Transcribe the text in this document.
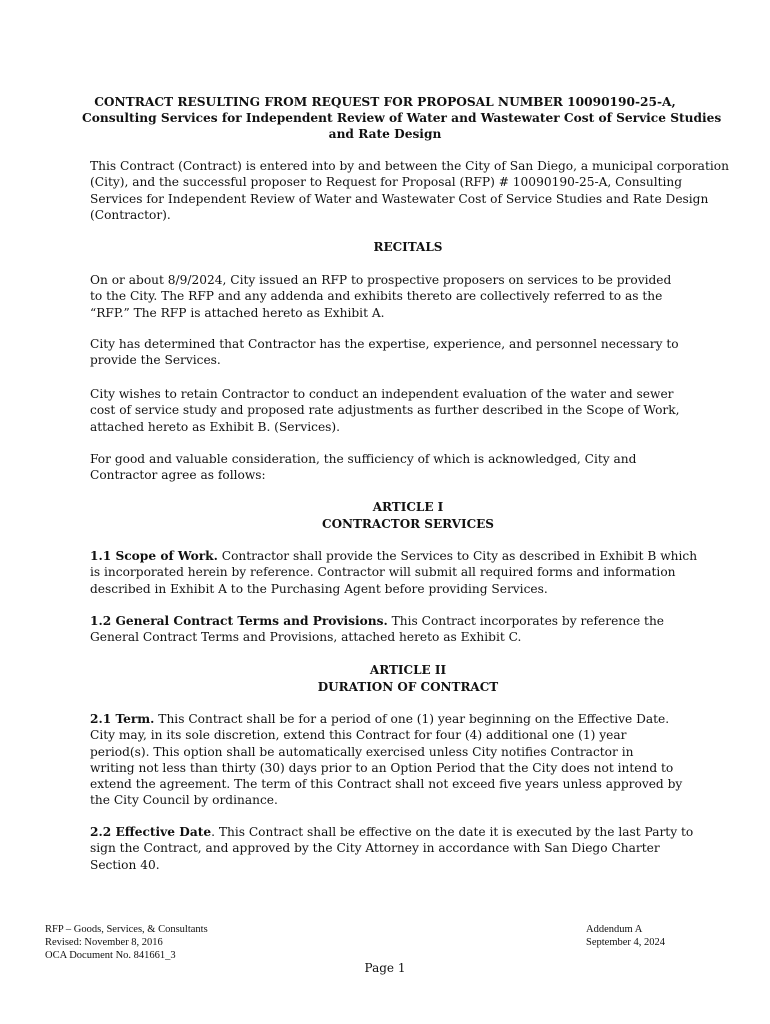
CONTRACT RESULTING FROM REQUEST FOR PROPOSAL NUMBER 10090190-25-A,
Consulting Services for Independent Review of Water and Wastewater Cost of Service Studies
and Rate Design

This Contract (Contract) is entered into by and between the City of San Diego, a municipal corporation

(City), and the successful proposer to Request for Proposal (RFP) # 10090190-25-A, Consulting

Services for Independent Review of Water and Wastewater Cost of Service Studies and Rate Design

(Contractor).

RECITALS

On or about 8/9/2024, City issued an RFP to prospective proposers on services to be provided

to the City. The RFP and any addenda and exhibits thereto are collectively referred to as the

“RFP.” The RFP is attached hereto as Exhibit A.

City has determined that Contractor has the expertise, experience, and personnel necessary to

provide the Services.

City wishes to retain Contractor to conduct an independent evaluation of the water and sewer

cost of service study and proposed rate adjustments as further described in the Scope of Work,

attached hereto as Exhibit B. (Services).

For good and valuable consideration, the sufficiency of which is acknowledged, City and

Contractor agree as follows:

ARTICLE I
CONTRACTOR SERVICES

1.1 Scope of Work. Contractor shall provide the Services to City as described in Exhibit B which

is incorporated herein by reference. Contractor will submit all required forms and information

described in Exhibit A to the Purchasing Agent before providing Services.

1.2 General Contract Terms and Provisions. This Contract incorporates by reference the

General Contract Terms and Provisions, attached hereto as Exhibit C.

ARTICLE II
DURATION OF CONTRACT

2.1 Term. This Contract shall be for a period of one (1) year beginning on the Effective Date.

City may, in its sole discretion, extend this Contract for four (4) additional one (1) year

period(s). This option shall be automatically exercised unless City notifies Contractor in

writing not less than thirty (30) days prior to an Option Period that the City does not intend to

extend the agreement. The term of this Contract shall not exceed five years unless approved by

the City Council by ordinance.

2.2 Effective Date. This Contract shall be effective on the date it is executed by the last Party to

sign the Contract, and approved by the City Attorney in accordance with San Diego Charter

Section 40.

RFP – Goods, Services, & Consultants
Revised: November 8, 2016
OCA Document No. 841661_3
Addendum A
September 4, 2024
Page 1
